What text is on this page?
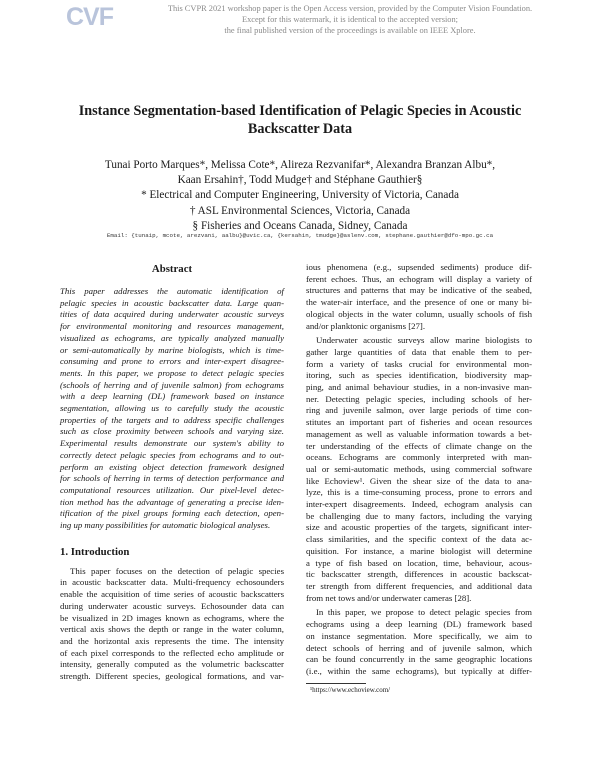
CVF	This CVPR 2021 workshop paper is the Open Access version, provided by the Computer Vision Foundation.
Except for this watermark, it is identical to the accepted version;
the final published version of the proceedings is available on IEEE Xplore.
Instance Segmentation-based Identification of Pelagic Species in Acoustic
Backscatter Data
Tunai Porto Marques*, Melissa Cote*, Alireza Rezvanifar*, Alexandra Branzan Albu*,
Kaan Ersahin†, Todd Mudge† and Stéphane Gauthier§
* Electrical and Computer Engineering, University of Victoria, Canada
† ASL Environmental Sciences, Victoria, Canada
§ Fisheries and Oceans Canada, Sidney, Canada
Email: {tunaip, mcote, arezvani, aalbu}@uvic.ca, {kersahin, tmudge}@aslenv.com, stephane.gauthier@dfo-mpo.gc.ca
Abstract
This paper addresses the automatic identification of
pelagic species in acoustic backscatter data. Large quan-
tities of data acquired during underwater acoustic surveys
for environmental monitoring and resources management,
visualized as echograms, are typically analyzed manually
or semi-automatically by marine biologists, which is time-
consuming and prone to errors and inter-expert disagree-
ments. In this paper, we propose to detect pelagic species
(schools of herring and of juvenile salmon) from echograms
with a deep learning (DL) framework based on instance
segmentation, allowing us to carefully study the acoustic
properties of the targets and to address specific challenges
such as close proximity between schools and varying size.
Experimental results demonstrate our system's ability to
correctly detect pelagic species from echograms and to out-
perform an existing object detection framework designed
for schools of herring in terms of detection performance and
computational resources utilization. Our pixel-level detec-
tion method has the advantage of generating a precise iden-
tification of the pixel groups forming each detection, open-
ing up many possibilities for automatic biological analyses.
1. Introduction
This paper focuses on the detection of pelagic species
in acoustic backscatter data. Multi-frequency echosounders
enable the acquisition of time series of acoustic backscatters
during underwater acoustic surveys. Echosounder data can
be visualized in 2D images known as echograms, where the
vertical axis shows the depth or range in the water column,
and the horizontal axis represents the time. The intensity
of each pixel corresponds to the reflected echo amplitude or
intensity, generally computed as the volumetric backscatter
strength. Different species, geological formations, and var-
ious phenomena (e.g., supsended sediments) produce dif-
ferent echoes. Thus, an echogram will display a variety of
structures and patterns that may be indicative of the seabed,
the water-air interface, and the presence of one or many bi-
ological objects in the water column, usually schools of fish
and/or planktonic organisms [27].
Underwater acoustic surveys allow marine biologists to
gather large quantities of data that enable them to per-
form a variety of tasks crucial for environmental mon-
itoring, such as species identification, biodiversity map-
ping, and animal behaviour studies, in a non-invasive man-
ner. Detecting pelagic species, including schools of her-
ring and juvenile salmon, over large periods of time con-
stitutes an important part of fisheries and ocean resources
management as well as valuable information towards a bet-
ter understanding of the effects of climate change on the
oceans. Echograms are commonly interpreted with man-
ual or semi-automatic methods, using commercial software
like Echoview¹. Given the shear size of the data to ana-
lyze, this is a time-consuming process, prone to errors and
inter-expert disagreements. Indeed, echogram analysis can
be challenging due to many factors, including the varying
size and acoustic properties of the targets, significant inter-
class similarities, and the specific context of the data ac-
quisition. For instance, a marine biologist will determine
a type of fish based on location, time, behaviour, acous-
tic backscatter strength, differences in acoustic backscat-
ter strength from different frequencies, and additional data
from net tows and/or underwater cameras [28].
In this paper, we propose to detect pelagic species from
echograms using a deep learning (DL) framework based
on instance segmentation. More specifically, we aim to
detect schools of herring and of juvenile salmon, which
can be found concurrently in the same geographic locations
(i.e., within the same echograms), but typically at differ-
¹https://www.echoview.com/
